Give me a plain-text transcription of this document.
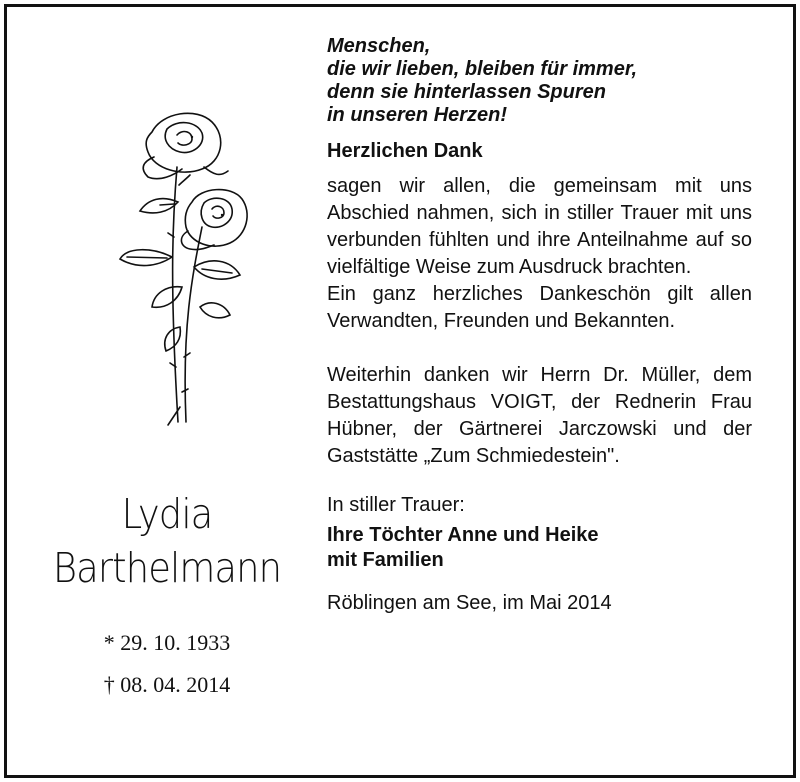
Lydia
Barthelmann
* 29. 10. 1933
† 08. 04. 2014
Menschen,
die wir lieben, bleiben für immer,
denn sie hinterlassen Spuren
in unseren Herzen!
Herzlichen Dank

sagen wir allen, die gemeinsam mit uns Abschied nahmen, sich in stiller Trauer mit uns verbunden fühlten und ihre Anteilnahme auf so vielfältige Weise zum Ausdruck brachten.

Ein ganz herzliches Dankeschön gilt allen Verwandten, Freunden und Bekannten.

Weiterhin danken wir Herrn Dr. Müller, dem Bestattungshaus VOIGT, der Rednerin Frau Hübner, der Gärtnerei Jarczowski und der Gaststätte „Zum Schmiedestein".

In stiller Trauer:
Ihre Töchter Anne und Heike
mit Familien
Röblingen am See, im Mai 2014
